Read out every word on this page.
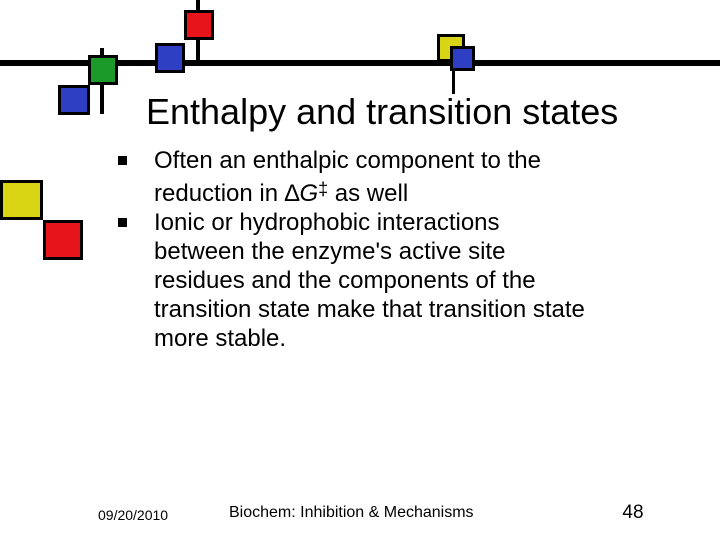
Enthalpy and transition states
Often an enthalpic component to the reduction in ∆G‡ as well
Ionic or hydrophobic interactions between the enzyme's active site residues and the components of the transition state make that transition state more stable.
09/20/2010	Biochem: Inhibition & Mechanisms	48
